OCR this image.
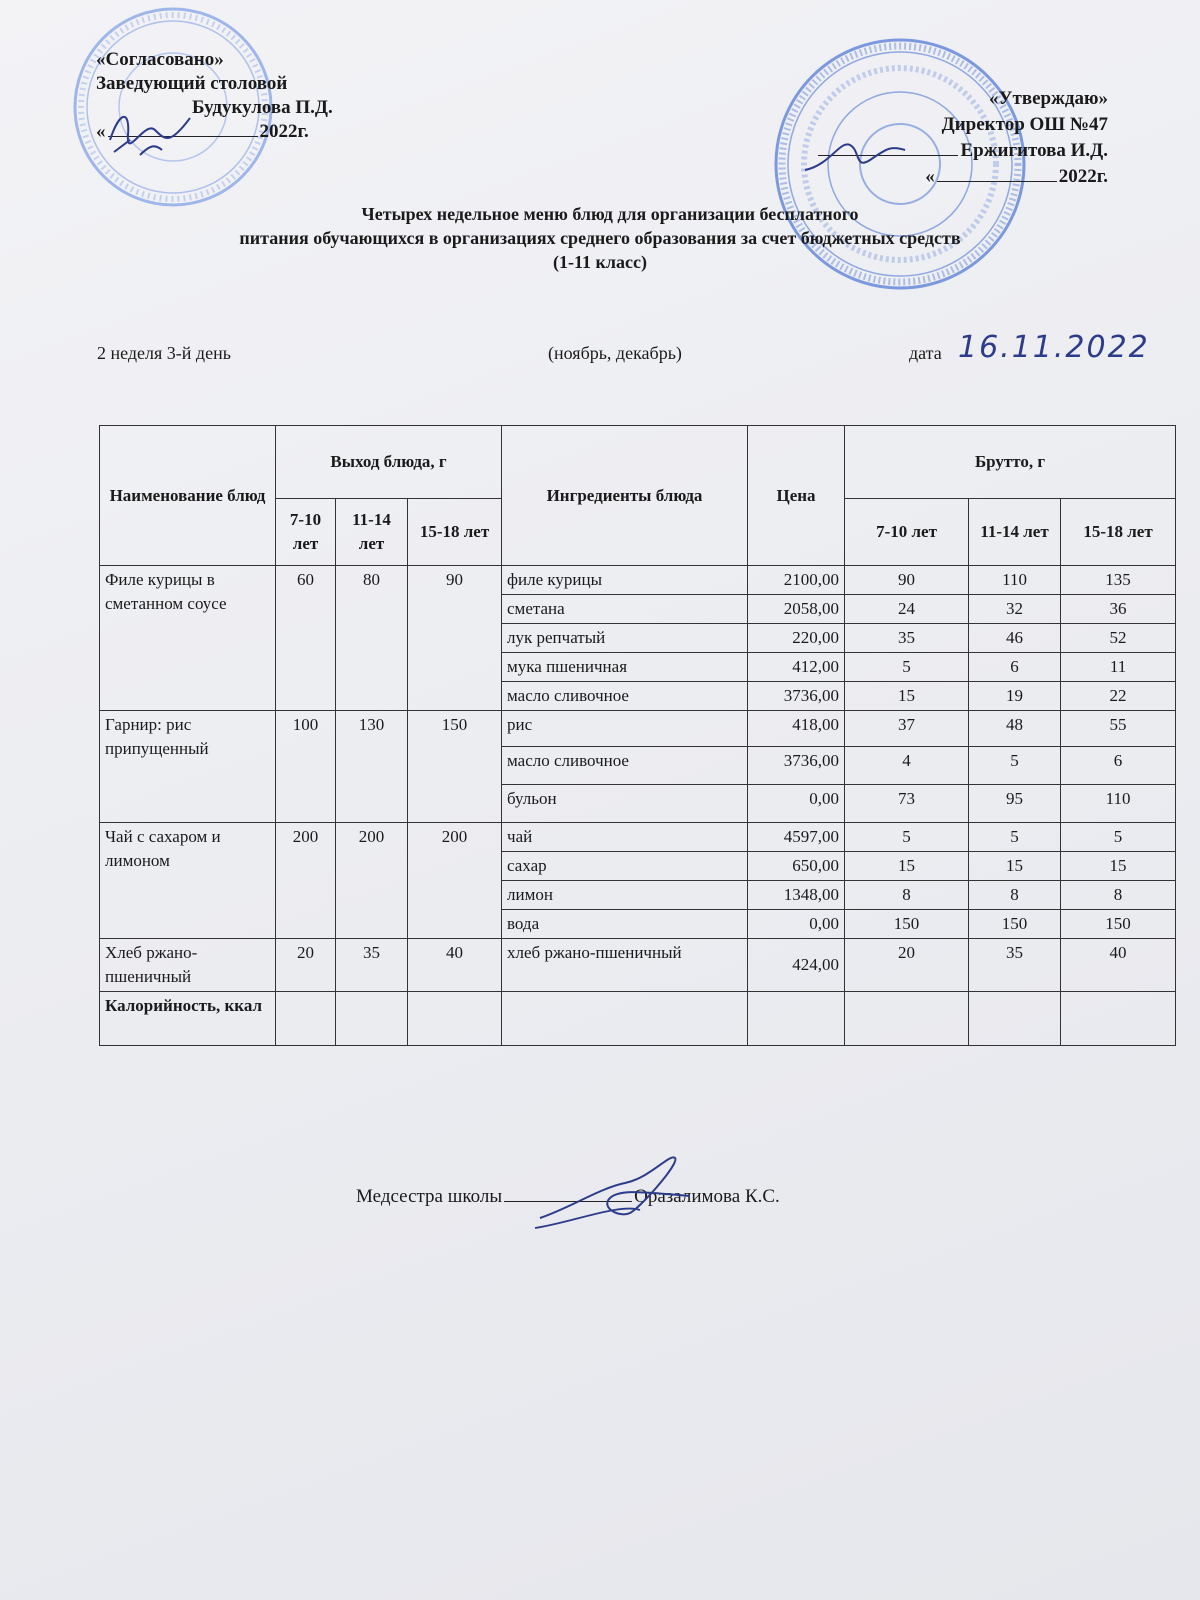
«Согласовано»
Заведующий столовой
Будукулова П.Д.
«	2022г.
«Утверждаю»
Директор ОШ №47
Ержигитова И.Д.
«	2022г.
Четырех недельное меню блюд для организации бесплатного
питания обучающихся в организациях среднего образования за счет бюджетных средств
(1-11 класс)
2 неделя 3-й день	(ноябрь, декабрь)	дата 16.11.2022
Наименование блюд	Выход блюда, г			Ингредиенты блюда	Цена	Брутто, г		
	7-10 лет	11-14 лет	15-18 лет			7-10 лет	11-14 лет	15-18 лет
Филе курицы в сметанном соусе	60	80	90	филе курицы	2100,00	90	110	135
				сметана	2058,00	24	32	36
				лук репчатый	220,00	35	46	52
				мука пшеничная	412,00	5	6	11
				масло сливочное	3736,00	15	19	22
Гарнир: рис припущенный	100	130	150	рис	418,00	37	48	55
				масло сливочное	3736,00	4	5	6
				бульон	0,00	73	95	110
Чай с сахаром и лимоном	200	200	200	чай	4597,00	5	5	5
				сахар	650,00	15	15	15
				лимон	1348,00	8	8	8
				вода	0,00	150	150	150
Хлеб ржано-пшеничный	20	35	40	хлеб ржано-пшеничный	424,00	20	35	40
Калорийность, ккал								
Медсестра школы	Оразалимова К.С.
